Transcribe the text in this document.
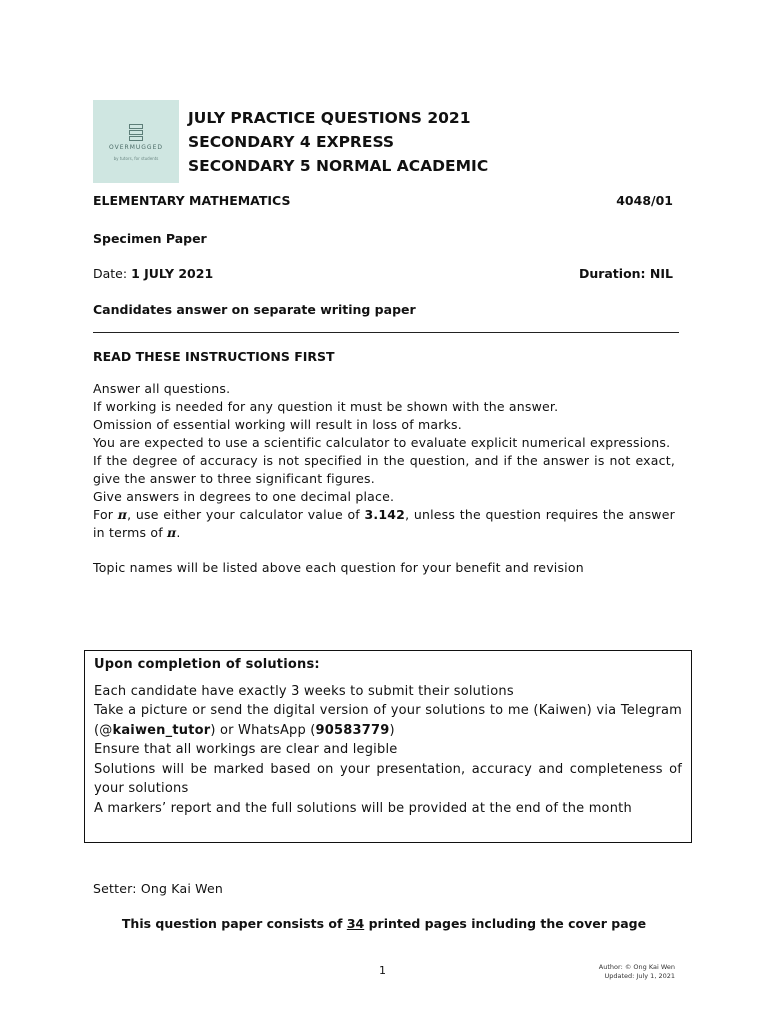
OVERMUGGED
by tutors, for students
JULY PRACTICE QUESTIONS 2021
SECONDARY 4 EXPRESS
SECONDARY 5 NORMAL ACADEMIC
ELEMENTARY MATHEMATICS	4048/01
Specimen Paper
Date: 1 JULY 2021	Duration: NIL
Candidates answer on separate writing paper
READ THESE INSTRUCTIONS FIRST
Answer all questions.
If working is needed for any question it must be shown with the answer.
Omission of essential working will result in loss of marks.
You are expected to use a scientific calculator to evaluate explicit numerical expressions.
If the degree of accuracy is not specified in the question, and if the answer is not exact, give the answer to three significant figures.
Give answers in degrees to one decimal place.
For π, use either your calculator value of 3.142, unless the question requires the answer in terms of π.
Topic names will be listed above each question for your benefit and revision
Upon completion of solutions:
Each candidate have exactly 3 weeks to submit their solutions
Take a picture or send the digital version of your solutions to me (Kaiwen) via Telegram (@kaiwen_tutor) or WhatsApp (90583779)
Ensure that all workings are clear and legible
Solutions will be marked based on your presentation, accuracy and completeness of your solutions
A markers’ report and the full solutions will be provided at the end of the month
Setter: Ong Kai Wen
This question paper consists of 34 printed pages including the cover page
1	Author: © Ong Kai Wen
Updated: July 1, 2021
